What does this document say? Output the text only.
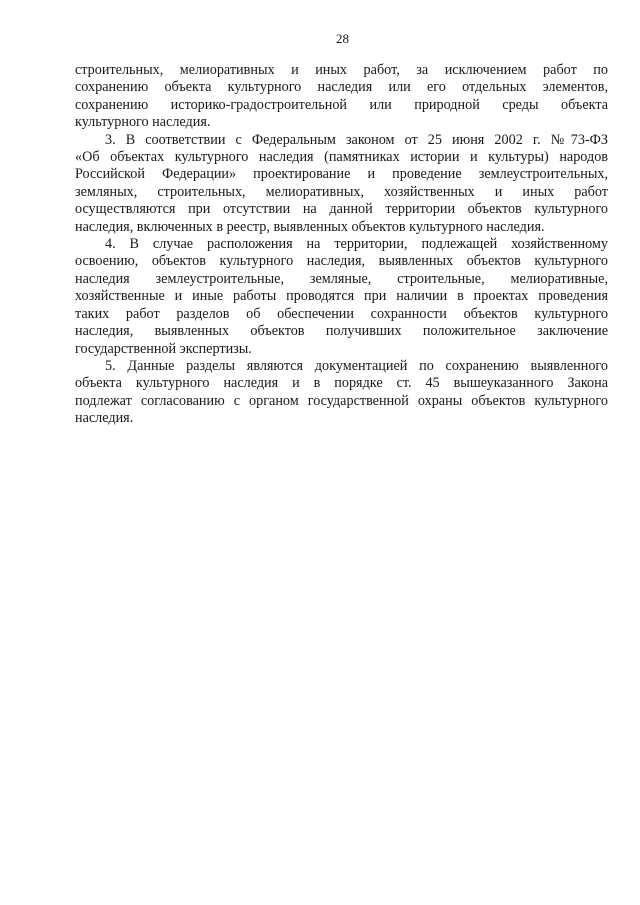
28

строительных, мелиоративных и иных работ, за исключением работ по
сохранению объекта культурного наследия или его отдельных элементов,
сохранению историко-градостроительной или природной среды объекта
культурного наследия.

3. В соответствии с Федеральным законом от 25 июня 2002 г. №73-ФЗ
«Об объектах культурного наследия (памятниках истории и культуры) народов
Российской Федерации» проектирование и проведение землеустроительных,
земляных, строительных, мелиоративных, хозяйственных и иных работ
осуществляются при отсутствии на данной территории объектов культурного
наследия, включенных в реестр, выявленных объектов культурного наследия.

4. В случае расположения на территории, подлежащей хозяйственному
освоению, объектов культурного наследия, выявленных объектов культурного
наследия землеустроительные, земляные, строительные, мелиоративные,
хозяйственные и иные работы проводятся при наличии в проектах проведения
таких работ разделов об обеспечении сохранности объектов культурного
наследия, выявленных объектов получивших положительное заключение
государственной экспертизы.

5. Данные разделы являются документацией по сохранению выявленного
объекта культурного наследия и в порядке ст. 45 вышеуказанного Закона
подлежат согласованию с органом государственной охраны объектов культурного
наследия.
